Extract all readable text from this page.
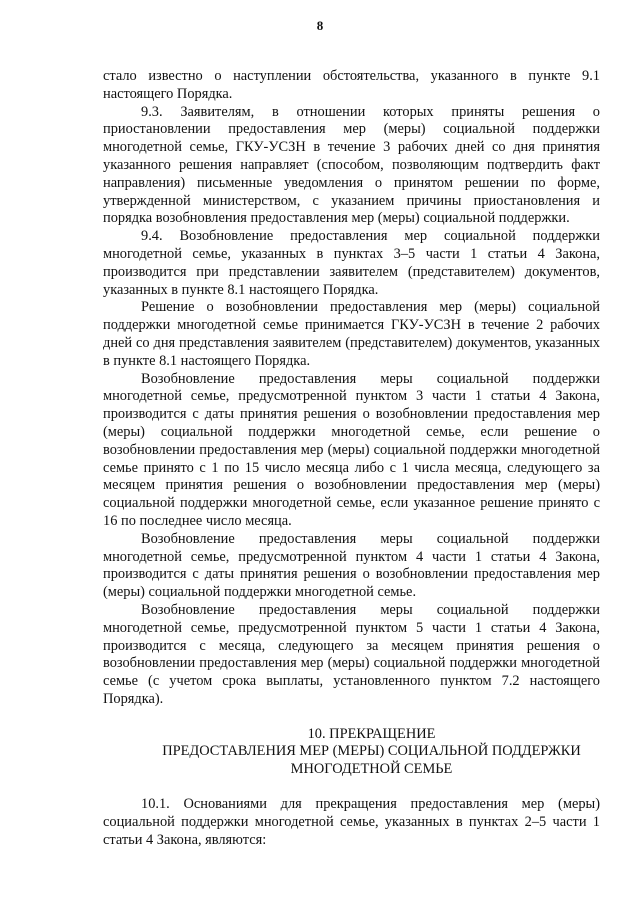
8

стало известно о наступлении обстоятельства, указанного в пункте 9.1 настоящего Порядка.

9.3. Заявителям, в отношении которых приняты решения о приостановлении предоставления мер (меры) социальной поддержки многодетной семье, ГКУ-УСЗН в течение 3 рабочих дней со дня принятия указанного решения направляет (способом, позволяющим подтвердить факт направления) письменные уведомления о принятом решении по форме, утвержденной министерством, с указанием причины приостановления и порядка возобновления предоставления мер (меры) социальной поддержки.

9.4. Возобновление предоставления мер социальной поддержки многодетной семье, указанных в пунктах 3–5 части 1 статьи 4 Закона, производится при представлении заявителем (представителем) документов, указанных в пункте 8.1 настоящего Порядка.

Решение о возобновлении предоставления мер (меры) социальной поддержки многодетной семье принимается ГКУ-УСЗН в течение 2 рабочих дней со дня представления заявителем (представителем) документов, указанных в пункте 8.1 настоящего Порядка.

Возобновление предоставления меры социальной поддержки многодетной семье, предусмотренной пунктом 3 части 1 статьи 4 Закона, производится с даты принятия решения о возобновлении предоставления мер (меры) социальной поддержки многодетной семье, если решение о возобновлении предоставления мер (меры) социальной поддержки многодетной семье принято с 1 по 15 число месяца либо с 1 числа месяца, следующего за месяцем принятия решения о возобновлении предоставления мер (меры) социальной поддержки многодетной семье, если указанное решение принято с 16 по последнее число месяца.

Возобновление предоставления меры социальной поддержки многодетной семье, предусмотренной пунктом 4 части 1 статьи 4 Закона, производится с даты принятия решения о возобновлении предоставления мер (меры) социальной поддержки многодетной семье.

Возобновление предоставления меры социальной поддержки многодетной семье, предусмотренной пунктом 5 части 1 статьи 4 Закона, производится с месяца, следующего за месяцем принятия решения о возобновлении предоставления мер (меры) социальной поддержки многодетной семье (с учетом срока выплаты, установленного пунктом 7.2 настоящего Порядка).

10. ПРЕКРАЩЕНИЕ
ПРЕДОСТАВЛЕНИЯ МЕР (МЕРЫ) СОЦИАЛЬНОЙ ПОДДЕРЖКИ
МНОГОДЕТНОЙ СЕМЬЕ

10.1. Основаниями для прекращения предоставления мер (меры) социальной поддержки многодетной семье, указанных в пунктах 2–5 части 1 статьи 4 Закона, являются:
